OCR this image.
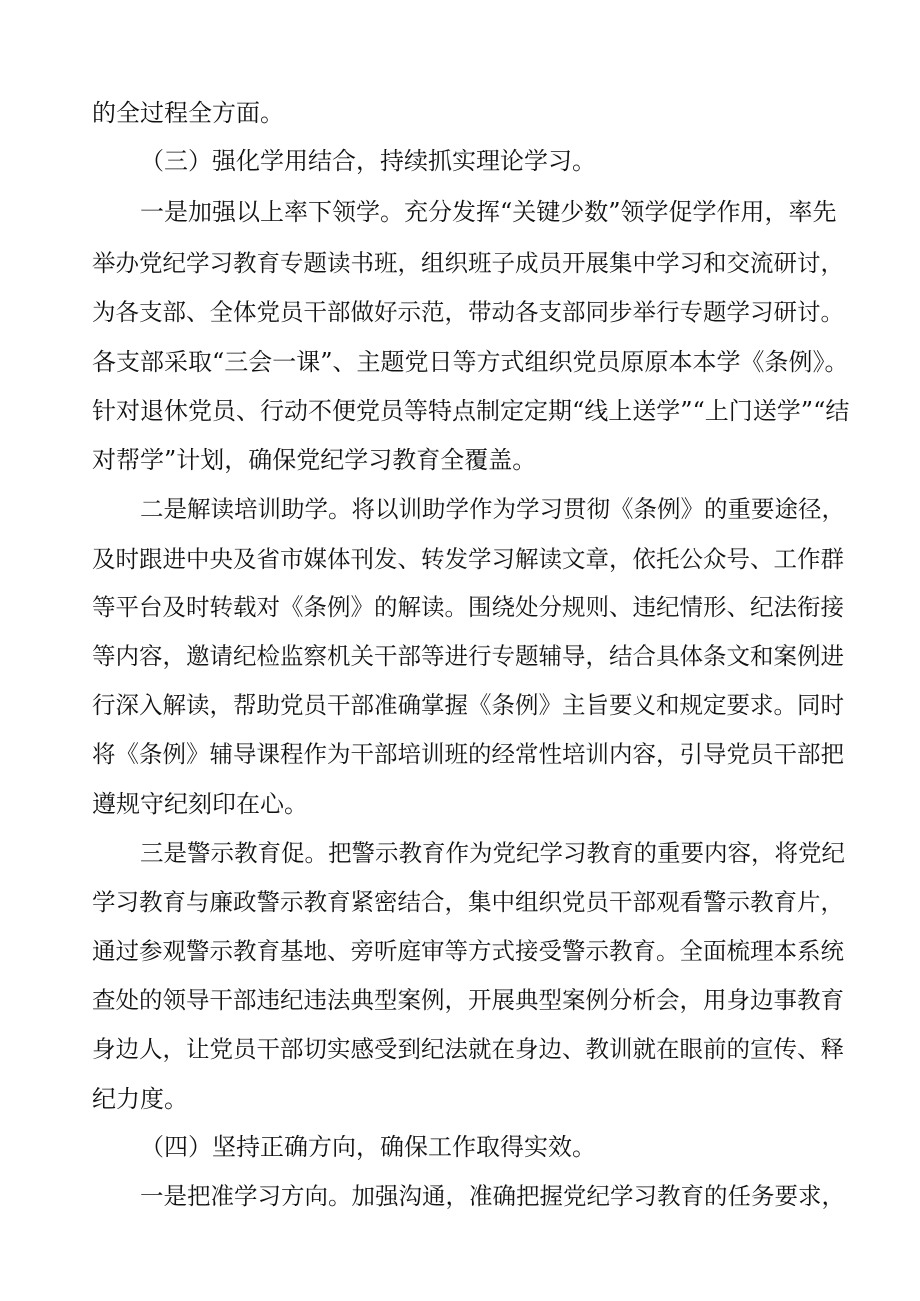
的全过程全方面。

（三）强化学用结合，持续抓实理论学习。

一是加强以上率下领学。充分发挥“关键少数”领学促学作用，率先

举办党纪学习教育专题读书班，组织班子成员开展集中学习和交流研讨，

为各支部、全体党员干部做好示范，带动各支部同步举行专题学习研讨。

各支部采取“三会一课”、主题党日等方式组织党员原原本本学《条例》。

针对退休党员、行动不便党员等特点制定定期“线上送学”“上门送学”“结

对帮学”计划，确保党纪学习教育全覆盖。

二是解读培训助学。将以训助学作为学习贯彻《条例》的重要途径，

及时跟进中央及省市媒体刊发、转发学习解读文章，依托公众号、工作群

等平台及时转载对《条例》的解读。围绕处分规则、违纪情形、纪法衔接

等内容，邀请纪检监察机关干部等进行专题辅导，结合具体条文和案例进

行深入解读，帮助党员干部准确掌握《条例》主旨要义和规定要求。同时

将《条例》辅导课程作为干部培训班的经常性培训内容，引导党员干部把

遵规守纪刻印在心。

三是警示教育促。把警示教育作为党纪学习教育的重要内容，将党纪

学习教育与廉政警示教育紧密结合，集中组织党员干部观看警示教育片，

通过参观警示教育基地、旁听庭审等方式接受警示教育。全面梳理本系统

查处的领导干部违纪违法典型案例，开展典型案例分析会，用身边事教育

身边人，让党员干部切实感受到纪法就在身边、教训就在眼前的宣传、释

纪力度。

（四）坚持正确方向，确保工作取得实效。

一是把准学习方向。加强沟通，准确把握党纪学习教育的任务要求，
